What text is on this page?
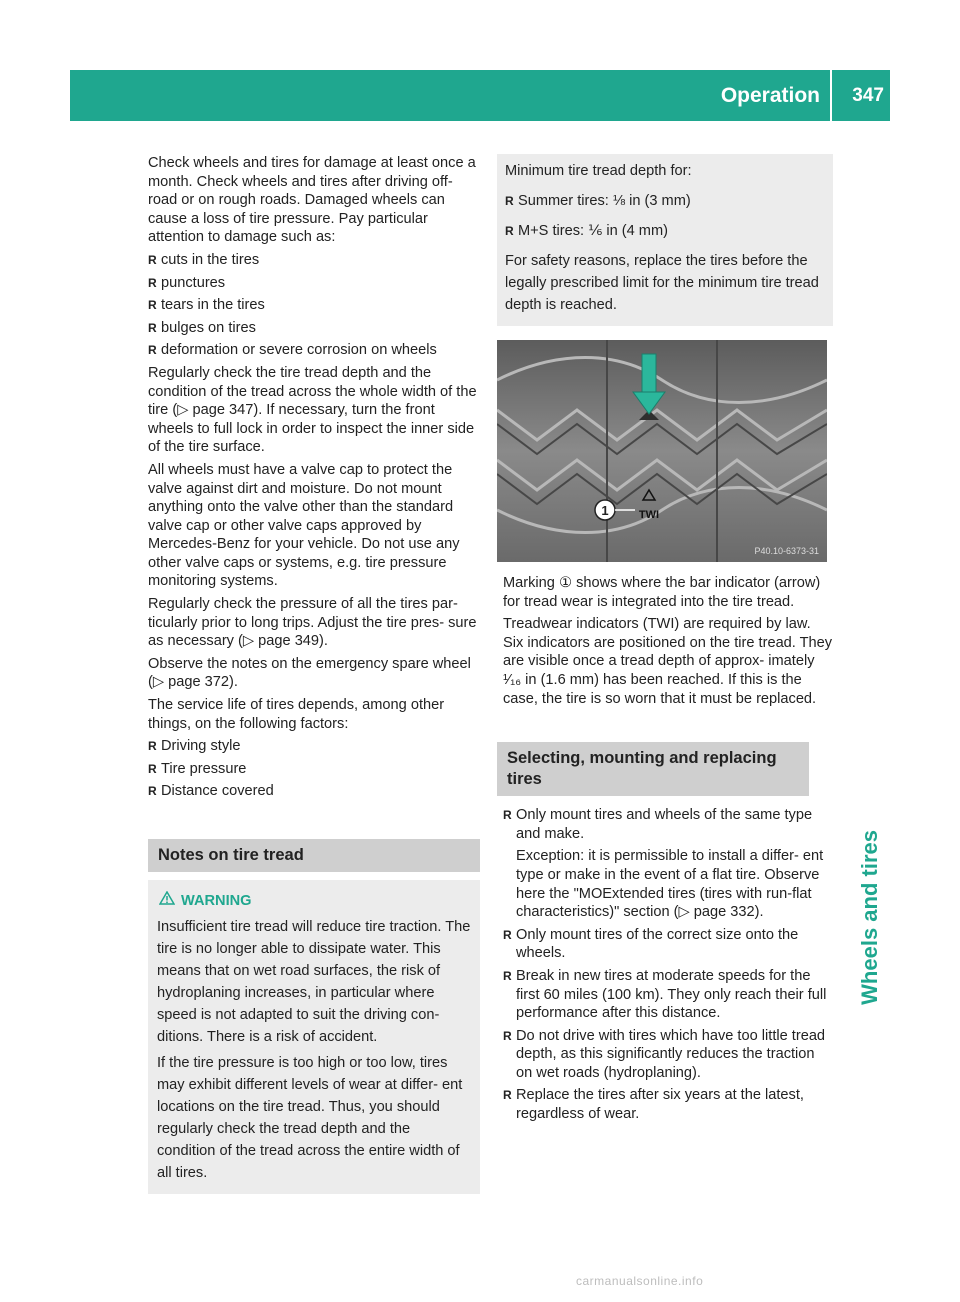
Operation 347
Wheels and tires

Check wheels and tires for damage at least once a month. Check wheels and tires after driving off-road or on rough roads. Damaged wheels can cause a loss of tire pressure. Pay particular attention to damage such as:

R cuts in the tires
R punctures
R tears in the tires
R bulges on tires
R deformation or severe corrosion on wheels

Regularly check the tire tread depth and the condition of the tread across the whole width of the tire (▷ page 347). If necessary, turn the front wheels to full lock in order to inspect the inner side of the tire surface.

All wheels must have a valve cap to protect the valve against dirt and moisture. Do not mount anything onto the valve other than the standard valve cap or other valve caps approved by Mercedes-Benz for your vehicle. Do not use any other valve caps or systems, e.g. tire pressure monitoring systems.

Regularly check the pressure of all the tires par- ticularly prior to long trips. Adjust the tire pres- sure as necessary (▷ page 349).

Observe the notes on the emergency spare wheel (▷ page 372).

The service life of tires depends, among other things, on the following factors:

R Driving style
R Tire pressure
R Distance covered
Notes on tire tread
WARNING

Insufficient tire tread will reduce tire traction. The tire is no longer able to dissipate water. This means that on wet road surfaces, the risk of hydroplaning increases, in particular where speed is not adapted to suit the driving con- ditions. There is a risk of accident.

If the tire pressure is too high or too low, tires may exhibit different levels of wear at differ- ent locations on the tire tread. Thus, you should regularly check the tread depth and the condition of the tread across the entire width of all tires.

Minimum tire tread depth for:

R Summer tires: ⅛ in (3 mm)
R M+S tires: ⅙ in (4 mm)

For safety reasons, replace the tires before the legally prescribed limit for the minimum tire tread depth is reached.

1	TWI
P40.10-6373-31

Marking ① shows where the bar indicator (arrow) for tread wear is integrated into the tire tread.

Treadwear indicators (TWI) are required by law. Six indicators are positioned on the tire tread. They are visible once a tread depth of approx- imately ¹⁄₁₆ in (1.6 mm) has been reached. If this is the case, the tire is so worn that it must be replaced.

Selecting, mounting and replacing tires
R Only mount tires and wheels of the same type and make.
Exception: it is permissible to install a differ- ent type or make in the event of a flat tire. Observe here the "MOExtended tires (tires with run-flat characteristics)" section (▷ page 332).
R Only mount tires of the correct size onto the wheels.
R Break in new tires at moderate speeds for the first 60 miles (100 km). They only reach their full performance after this distance.
R Do not drive with tires which have too little tread depth, as this significantly reduces the traction on wet roads (hydroplaning).
R Replace the tires after six years at the latest, regardless of wear.
carmanualsonline.info
